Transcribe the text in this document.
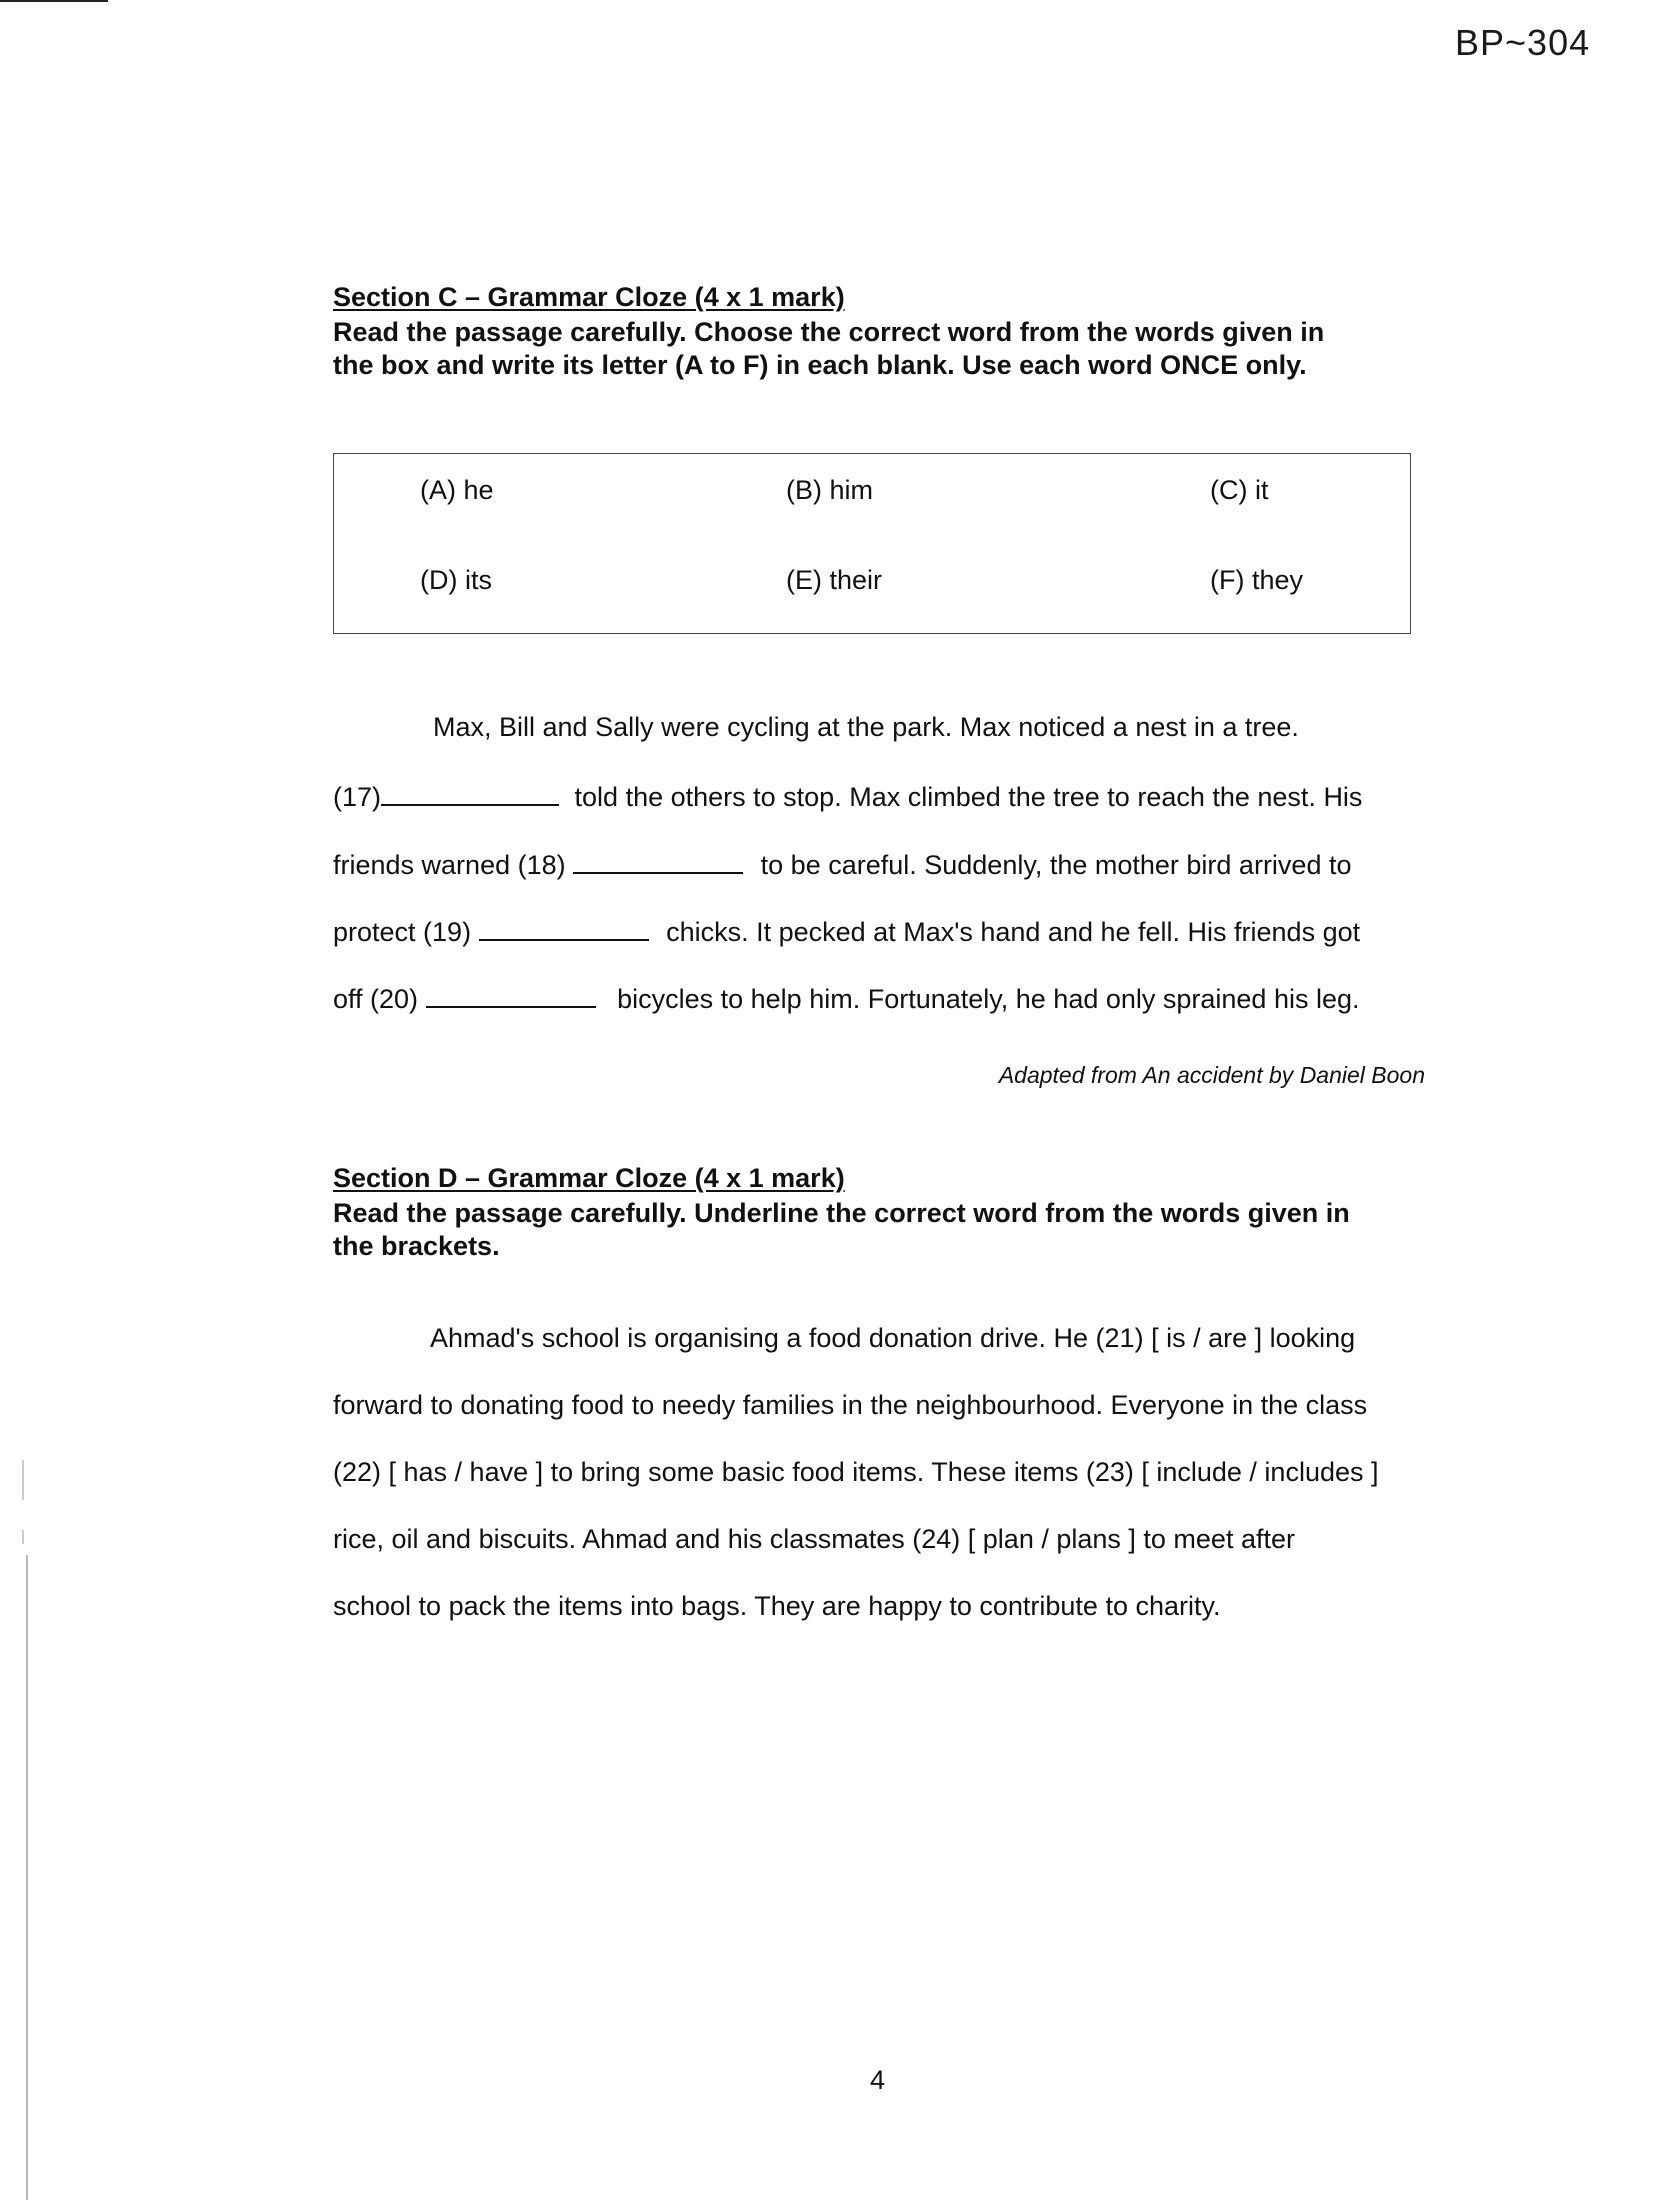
BP~304
Section C – Grammar Cloze (4 x 1 mark)
Read the passage carefully. Choose the correct word from the words given in
the box and write its letter (A to F) in each blank. Use each word ONCE only.
(A) he	(B) him	(C) it
(D) its	(E) their	(F) they
Max, Bill and Sally were cycling at the park. Max noticed a nest in a tree.
(17)	told the others to stop. Max climbed the tree to reach the nest. His
friends warned (18)	to be careful. Suddenly, the mother bird arrived to
protect (19)	chicks. It pecked at Max's hand and he fell. His friends got
off (20)	bicycles to help him. Fortunately, he had only sprained his leg.
Adapted from An accident by Daniel Boon
Section D – Grammar Cloze (4 x 1 mark)
Read the passage carefully. Underline the correct word from the words given in
the brackets.
Ahmad's school is organising a food donation drive. He (21) [ is / are ] looking
forward to donating food to needy families in the neighbourhood. Everyone in the class
(22) [ has / have ] to bring some basic food items. These items (23) [ include / includes ]
rice, oil and biscuits. Ahmad and his classmates (24) [ plan / plans ] to meet after
school to pack the items into bags. They are happy to contribute to charity.
4
